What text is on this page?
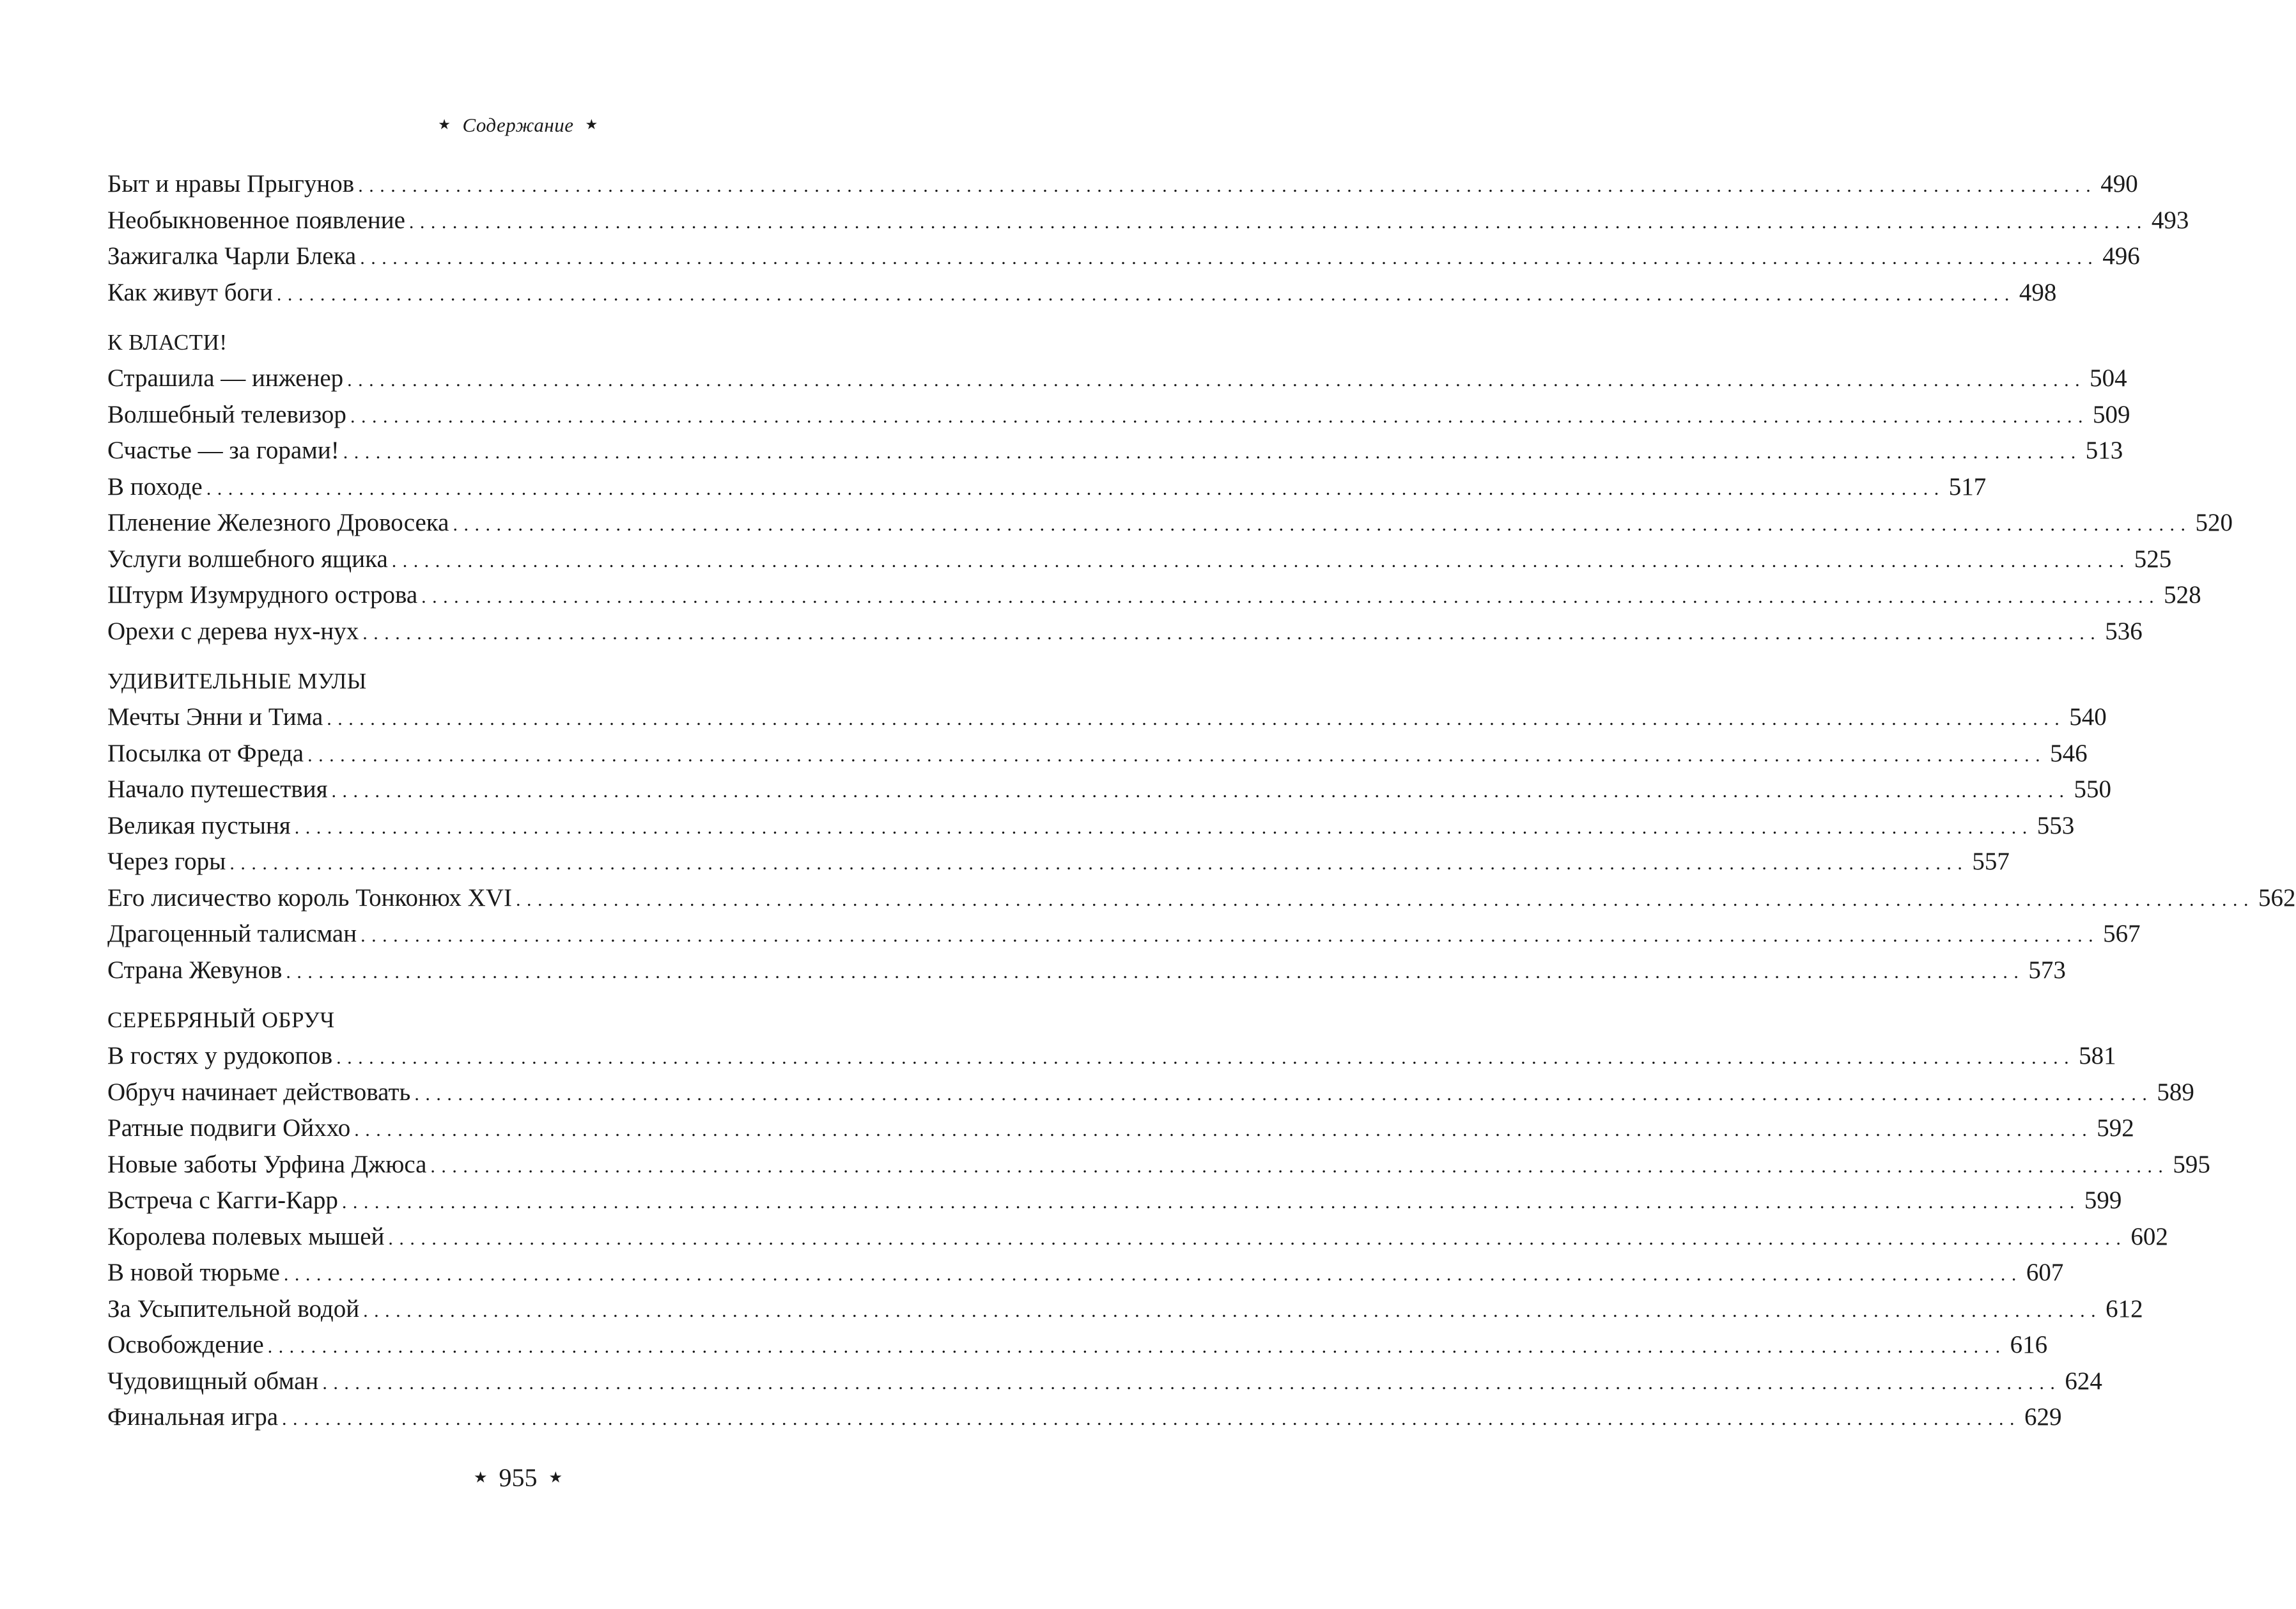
★ Содержание ★
Быт и нравы Прыгунов ................................................................................................................................................................ 490
Необыкновенное появление ................................................................................................................................................................ 493
Зажигалка Чарли Блека ................................................................................................................................................................ 496
Как живут боги ................................................................................................................................................................ 498
К ВЛАСТИ!
Страшила — инженер ................................................................................................................................................................ 504
Волшебный телевизор ................................................................................................................................................................ 509
Счастье — за горами! ................................................................................................................................................................ 513
В походе ................................................................................................................................................................ 517
Пленение Железного Дровосека ................................................................................................................................................................ 520
Услуги волшебного ящика ................................................................................................................................................................ 525
Штурм Изумрудного острова ................................................................................................................................................................ 528
Орехи с дерева нух-нух ................................................................................................................................................................ 536
УДИВИТЕЛЬНЫЕ МУЛЫ
Мечты Энни и Тима ................................................................................................................................................................ 540
Посылка от Фреда ................................................................................................................................................................ 546
Начало путешествия ................................................................................................................................................................ 550
Великая пустыня ................................................................................................................................................................ 553
Через горы ................................................................................................................................................................ 557
Его лисичество король Тонконюх XVI ................................................................................................................................................................ 562
Драгоценный талисман ................................................................................................................................................................ 567
Страна Жевунов ................................................................................................................................................................ 573
СЕРЕБРЯНЫЙ ОБРУЧ
В гостях у рудокопов ................................................................................................................................................................ 581
Обруч начинает действовать ................................................................................................................................................................ 589
Ратные подвиги Ойххо ................................................................................................................................................................ 592
Новые заботы Урфина Джюса ................................................................................................................................................................ 595
Встреча с Кагги-Карр ................................................................................................................................................................ 599
Королева полевых мышей ................................................................................................................................................................ 602
В новой тюрьме ................................................................................................................................................................ 607
За Усыпительной водой ................................................................................................................................................................ 612
Освобождение ................................................................................................................................................................ 616
Чудовищный обман ................................................................................................................................................................ 624
Финальная игра ................................................................................................................................................................ 629
★ 955 ★
